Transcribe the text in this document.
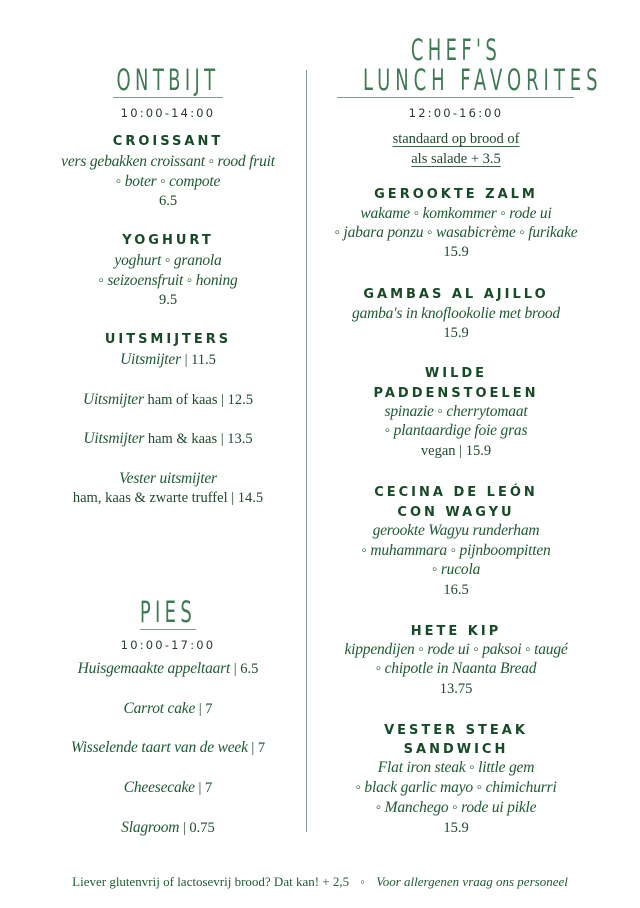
ONTBIJT
10:00-14:00
CROISSANT
vers gebakken croissant ◦ rood fruit
◦ boter ◦ compote
6.5
YOGHURT
yoghurt ◦ granola
◦ seizoensfruit ◦ honing
9.5
UITSMIJTERS
Uitsmijter | 11.5
Uitsmijter ham of kaas | 12.5
Uitsmijter ham & kaas | 13.5
Vester uitsmijter
ham, kaas & zwarte truffel | 14.5
PIES
10:00-17:00
Huisgemaakte appeltaart | 6.5
Carrot cake | 7
Wisselende taart van de week | 7
Cheesecake | 7
Slagroom | 0.75
CHEF'S
LUNCH FAVORITES
12:00-16:00
standaard op brood of
als salade + 3.5
GEROOKTE ZALM
wakame ◦ komkommer ◦ rode ui
◦ jabara ponzu ◦ wasabicrème ◦ furikake
15.9
GAMBAS AL AJILLO
gamba's in knoflookolie met brood
15.9
WILDE
PADDENSTOELEN
spinazie ◦ cherrytomaat
◦ plantaardige foie gras
vegan | 15.9
CECINA DE LEÓN
CON WAGYU
gerookte Wagyu runderham
◦ muhammara ◦ pijnboompitten
◦ rucola
16.5
HETE KIP
kippendijen ◦ rode ui ◦ paksoi ◦ taugé
◦ chipotle in Naanta Bread
13.75
VESTER STEAK
SANDWICH
Flat iron steak ◦ little gem
◦ black garlic mayo ◦ chimichurri
◦ Manchego ◦ rode ui pikle
15.9
Liever glutenvrij of lactosevrij brood? Dat kan! + 2,5 ◦ Voor allergenen vraag ons personeel
